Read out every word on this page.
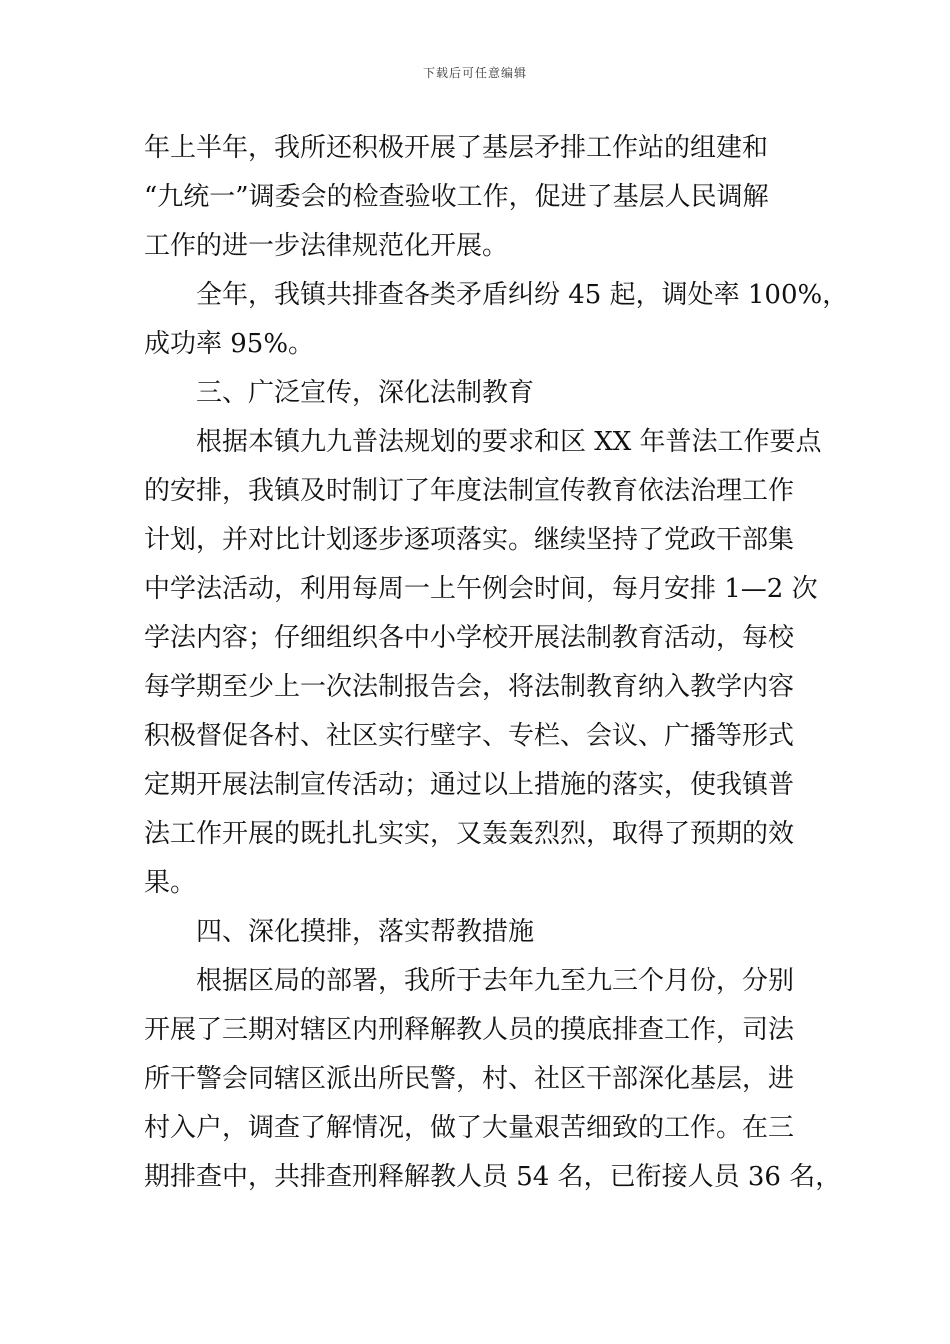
下载后可任意编辑
年上半年，我所还积极开展了基层矛排工作站的组建和
“九统一”调委会的检查验收工作，促进了基层人民调解
工作的进一步法律规范化开展。
全年，我镇共排查各类矛盾纠纷 45 起，调处率 100%，
成功率 95%。
三、广泛宣传，深化法制教育
根据本镇九九普法规划的要求和区 XX 年普法工作要点
的安排，我镇及时制订了年度法制宣传教育依法治理工作
计划，并对比计划逐步逐项落实。继续坚持了党政干部集
中学法活动，利用每周一上午例会时间，每月安排 1—2 次
学法内容；仔细组织各中小学校开展法制教育活动，每校
每学期至少上一次法制报告会，将法制教育纳入教学内容
积极督促各村、社区实行壁字、专栏、会议、广播等形式
定期开展法制宣传活动；通过以上措施的落实，使我镇普
法工作开展的既扎扎实实，又轰轰烈烈，取得了预期的效
果。
四、深化摸排，落实帮教措施
根据区局的部署，我所于去年九至九三个月份，分别
开展了三期对辖区内刑释解教人员的摸底排查工作，司法
所干警会同辖区派出所民警，村、社区干部深化基层，进
村入户，调查了解情况，做了大量艰苦细致的工作。在三
期排查中，共排查刑释解教人员 54 名，已衔接人员 36 名，
